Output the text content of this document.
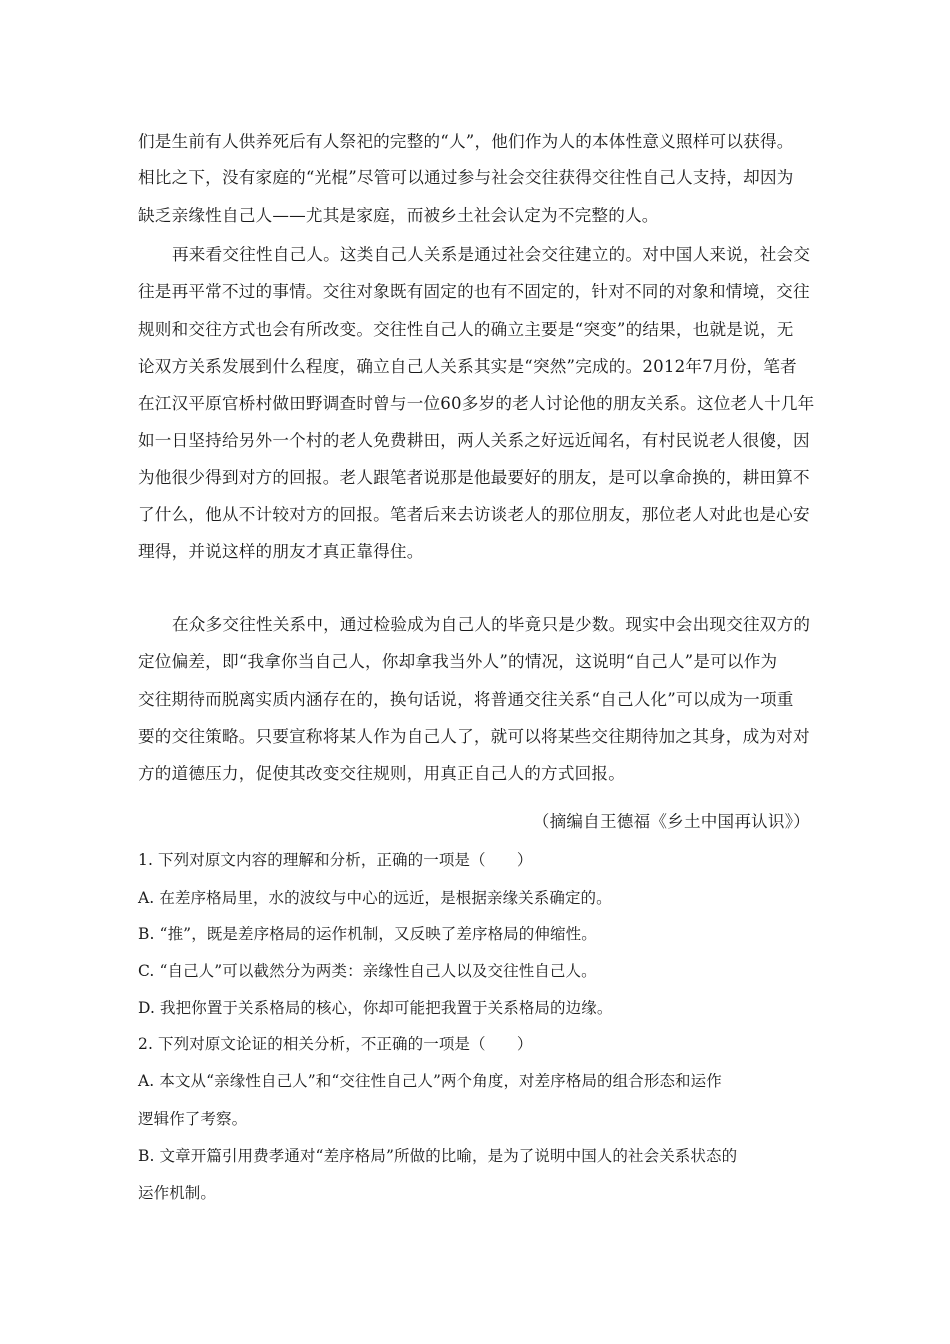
们是生前有人供养死后有人祭祀的完整的“人”，他们作为人的本体性意义照样可以获得。
相比之下，没有家庭的“光棍”尽管可以通过参与社会交往获得交往性自己人支持，却因为
缺乏亲缘性自己人——尤其是家庭，而被乡土社会认定为不完整的人。
再来看交往性自己人。这类自己人关系是通过社会交往建立的。对中国人来说，社会交
往是再平常不过的事情。交往对象既有固定的也有不固定的，针对不同的对象和情境，交往
规则和交往方式也会有所改变。交往性自己人的确立主要是“突变”的结果，也就是说，无
论双方关系发展到什么程度，确立自己人关系其实是“突然”完成的。2012年7月份，笔者
在江汉平原官桥村做田野调查时曾与一位60多岁的老人讨论他的朋友关系。这位老人十几年
如一日坚持给另外一个村的老人免费耕田，两人关系之好远近闻名，有村民说老人很傻，因
为他很少得到对方的回报。老人跟笔者说那是他最要好的朋友，是可以拿命换的，耕田算不
了什么，他从不计较对方的回报。笔者后来去访谈老人的那位朋友，那位老人对此也是心安
理得，并说这样的朋友才真正靠得住。
在众多交往性关系中，通过检验成为自己人的毕竟只是少数。现实中会出现交往双方的
定位偏差，即“我拿你当自己人，你却拿我当外人”的情况，这说明“自己人”是可以作为
交往期待而脱离实质内涵存在的，换句话说，将普通交往关系“自己人化”可以成为一项重
要的交往策略。只要宣称将某人作为自己人了，就可以将某些交往期待加之其身，成为对对
方的道德压力，促使其改变交往规则，用真正自己人的方式回报。
（摘编自王德福《乡土中国再认识》）
1. 下列对原文内容的理解和分析，正确的一项是（　　）
A. 在差序格局里，水的波纹与中心的远近，是根据亲缘关系确定的。
B. “推”，既是差序格局的运作机制，又反映了差序格局的伸缩性。
C. “自己人”可以截然分为两类：亲缘性自己人以及交往性自己人。
D. 我把你置于关系格局的核心，你却可能把我置于关系格局的边缘。
2. 下列对原文论证的相关分析，不正确的一项是（　　）
A. 本文从“亲缘性自己人”和“交往性自己人”两个角度，对差序格局的组合形态和运作
逻辑作了考察。
B. 文章开篇引用费孝通对“差序格局”所做的比喻，是为了说明中国人的社会关系状态的
运作机制。
